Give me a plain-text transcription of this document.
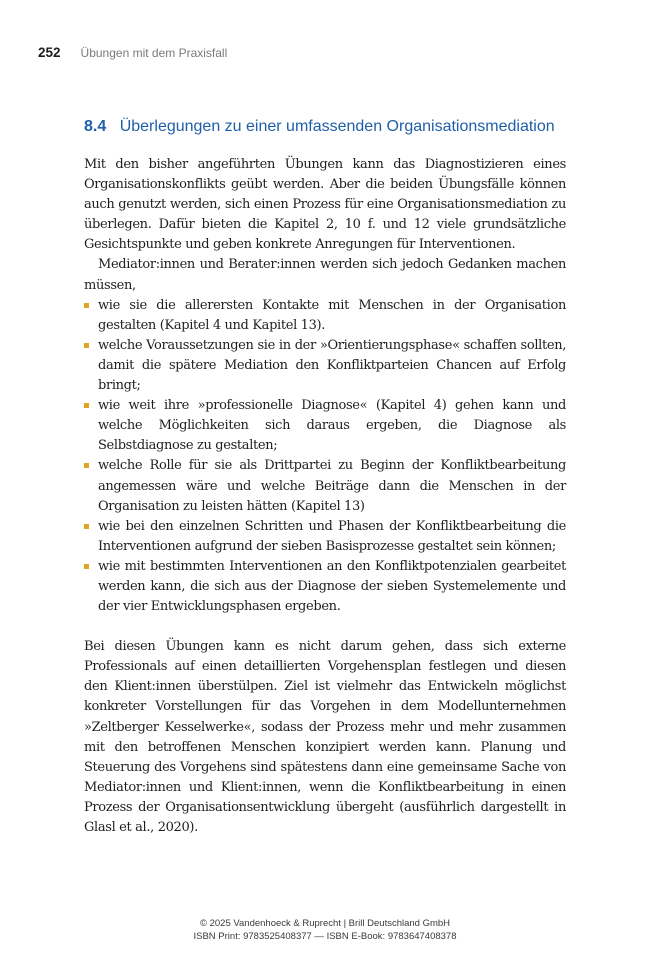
252 Übungen mit dem Praxisfall
8.4 Überlegungen zu einer umfassenden Organisationsmediation

Mit den bisher angeführten Übungen kann das Diagnostizieren eines Organisationskonflikts geübt werden. Aber die beiden Übungsfälle können auch genutzt werden, sich einen Prozess für eine Organisationsmediation zu überlegen. Dafür bieten die Kapitel 2, 10 f. und 12 viele grundsätzliche Gesichtspunkte und geben konkrete Anregungen für Interventionen.

Mediator:innen und Berater:innen werden sich jedoch Gedanken machen müssen,

wie sie die allerersten Kontakte mit Menschen in der Organisation gestalten (Kapitel 4 und Kapitel 13).
welche Voraussetzungen sie in der »Orientierungsphase« schaffen sollten, damit die spätere Mediation den Konfliktparteien Chancen auf Erfolg bringt;
wie weit ihre »professionelle Diagnose« (Kapitel 4) gehen kann und welche Möglichkeiten sich daraus ergeben, die Diagnose als Selbstdiagnose zu gestalten;
welche Rolle für sie als Drittpartei zu Beginn der Konfliktbearbeitung angemessen wäre und welche Beiträge dann die Menschen in der Organisation zu leisten hätten (Kapitel 13)
wie bei den einzelnen Schritten und Phasen der Konfliktbearbeitung die Interventionen aufgrund der sieben Basisprozesse gestaltet sein können;
wie mit bestimmten Interventionen an den Konfliktpotenzialen gearbeitet werden kann, die sich aus der Diagnose der sieben Systemelemente und der vier Entwicklungsphasen ergeben.

Bei diesen Übungen kann es nicht darum gehen, dass sich externe Professionals auf einen detaillierten Vorgehensplan festlegen und diesen den Klient:innen überstülpen. Ziel ist vielmehr das Entwickeln möglichst konkreter Vorstellungen für das Vorgehen in dem Modellunternehmen »Zeltberger Kesselwerke«, sodass der Prozess mehr und mehr zusammen mit den betroffenen Menschen konzipiert werden kann. Planung und Steuerung des Vorgehens sind spätestens dann eine gemeinsame Sache von Mediator:innen und Klient:innen, wenn die Konfliktbearbeitung in einen Prozess der Organisationsentwicklung übergeht (ausführlich dargestellt in Glasl et al., 2020).

© 2025 Vandenhoeck & Ruprecht | Brill Deutschland GmbH
ISBN Print: 9783525408377 — ISBN E-Book: 9783647408378
